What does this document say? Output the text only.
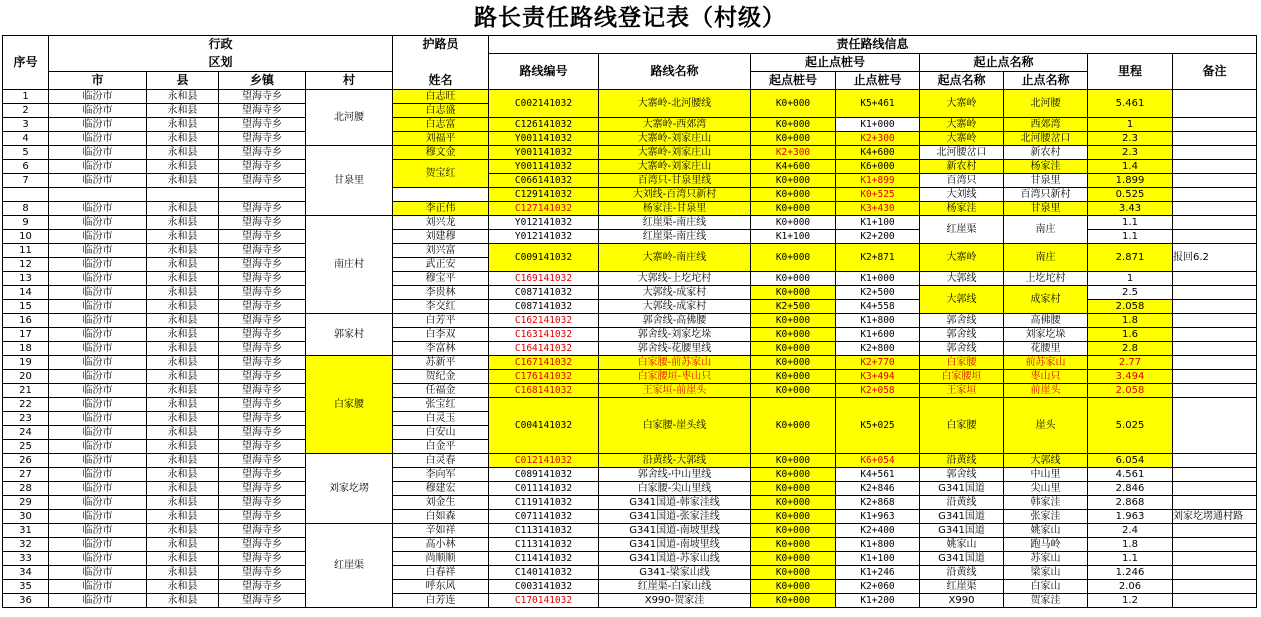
路长责任路线登记表（村级）
序号	行政				护路员	责任路线信息							
	区划					路线编号	路线名称	起止点桩号		起止点名称		里程	备注
	市	县	乡镇	村	姓名			起点桩号	止点桩号	起点名称	止点名称		
1	临汾市	永和县	望海寺乡	北河腰	白志旺	C002141032	大寨岭-北河腰线	K0+000	K5+461	大寨岭	北河腰	5.461	
2	临汾市	永和县	望海寺乡		白志盛								
3	临汾市	永和县	望海寺乡		白志富	C126141032	大寨岭-西郊湾	K0+000	K1+000	大寨岭	西郊湾	1	
4	临汾市	永和县	望海寺乡		刘福平	Y001141032	大寨岭-刘家庄山	K0+000	K2+300	大寨岭	北河腰岔口	2.3	
5	临汾市	永和县	望海寺乡	甘泉里	穆文金	Y001141032	大寨岭-刘家庄山	K2+300	K4+600	北河腰岔口	新农村	2.3	
6	临汾市	永和县	望海寺乡		贺宝红	Y001141032	大寨岭-刘家庄山	K4+600	K6+000	新农村	杨家洼	1.4	
7	临汾市	永和县	望海寺乡			C066141032	百湾只-甘泉里线	K0+000	K1+899	百湾只	甘泉里	1.899	
						C129141032	大刘线-百湾只新村	K0+000	K0+525	大刘线	百湾只新村	0.525	
8	临汾市	永和县	望海寺乡		李正伟	C127141032	杨家洼-甘泉里	K0+000	K3+430	杨家洼	甘泉里	3.43	
9	临汾市	永和县	望海寺乡	南庄村	刘兴龙	Y012141032	红崖渠-南庄线	K0+000	K1+100	红崖渠	南庄	1.1	
10	临汾市	永和县	望海寺乡		刘建穆	Y012141032	红崖渠-南庄线	K1+100	K2+200			1.1	
11	临汾市	永和县	望海寺乡		刘兴富	C009141032	大寨岭-南庄线	K0+000	K2+871	大寨岭	南庄	2.871	报回6.2
12	临汾市	永和县	望海寺乡		武正安								
13	临汾市	永和县	望海寺乡		穆宝平	C169141032	大郭线-上圪坨村	K0+000	K1+000	大郭线	上圪坨村	1	
14	临汾市	永和县	望海寺乡		李贵林	C087141032	大郭线-成家村	K0+000	K2+500	大郭线	成家村	2.5	
15	临汾市	永和县	望海寺乡		李交红	C087141032	大郭线-成家村	K2+500	K4+558			2.058	
16	临汾市	永和县	望海寺乡	郭家村	白芳平	C162141032	郭舍线-高佛腰	K0+000	K1+800	郭舍线	高佛腰	1.8	
17	临汾市	永和县	望海寺乡		白李双	C163141032	郭舍线-刘家圪垛	K0+000	K1+600	郭舍线	刘家圪垛	1.6	
18	临汾市	永和县	望海寺乡		李富林	C164141032	郭舍线-花腰里线	K0+000	K2+800	郭舍线	花腰里	2.8	
19	临汾市	永和县	望海寺乡	白家腰	苏新平	C167141032	白家腰-前苏家山	K0+000	K2+770	白家腰	前苏家山	2.77	
20	临汾市	永和县	望海寺乡		贺纪金	C176141032	白家腰垣-枣山只	K0+000	K3+494	白家腰垣	枣山只	3.494	
21	临汾市	永和县	望海寺乡		任福金	C168141032	王家垣-前崖头	K0+000	K2+058	王家垣	前崖头	2.058	
22	临汾市	永和县	望海寺乡		张宝红	C004141032	白家腰-崖头线	K0+000	K5+025	白家腰	崖头	5.025	
23	临汾市	永和县	望海寺乡		白灵玉								
24	临汾市	永和县	望海寺乡		白安山								
25	临汾市	永和县	望海寺乡		白金平								
26	临汾市	永和县	望海寺乡	刘家圪塄	白灵春	C012141032	沿黄线-大郭线	K0+000	K6+054	沿黄线	大郭线	6.054	
27	临汾市	永和县	望海寺乡		李向军	C089141032	郭舍线-中山里线	K0+000	K4+561	郭舍线	中山里	4.561	
28	临汾市	永和县	望海寺乡		穆建宏	C011141032	白家腰-尖山里线	K0+000	K2+846	G341国道	尖山里	2.846	
29	临汾市	永和县	望海寺乡		刘金生	C119141032	G341国道-韩家洼线	K0+000	K2+868	沿黄线	韩家洼	2.868	
30	临汾市	永和县	望海寺乡		白如森	C071141032	G341国道-张家洼线	K0+000	K1+963	G341国道	张家洼	1.963	刘家圪塄通村路
31	临汾市	永和县	望海寺乡	红崖渠	辛如祥	C113141032	G341国道-南坡里线	K0+000	K2+400	G341国道	姚家山	2.4	
32	临汾市	永和县	望海寺乡		高小林	C113141032	G341国道-南坡里线	K0+000	K1+800	姚家山	跑马岭	1.8	
33	临汾市	永和县	望海寺乡		尚顺顺	C114141032	G341国道-苏家山线	K0+000	K1+100	G341国道	苏家山	1.1	
34	临汾市	永和县	望海寺乡		白春祥	C140141032	G341-梁家山线	K0+000	K1+246	沿黄线	梁家山	1.246	
35	临汾市	永和县	望海寺乡		呼东风	C003141032	红崖渠-白家山线	K0+000	K2+060	红崖渠	白家山	2.06	
36	临汾市	永和县	望海寺乡		白芳连	C170141032	X990-贺家洼	K0+000	K1+200	X990	贺家洼	1.2	
